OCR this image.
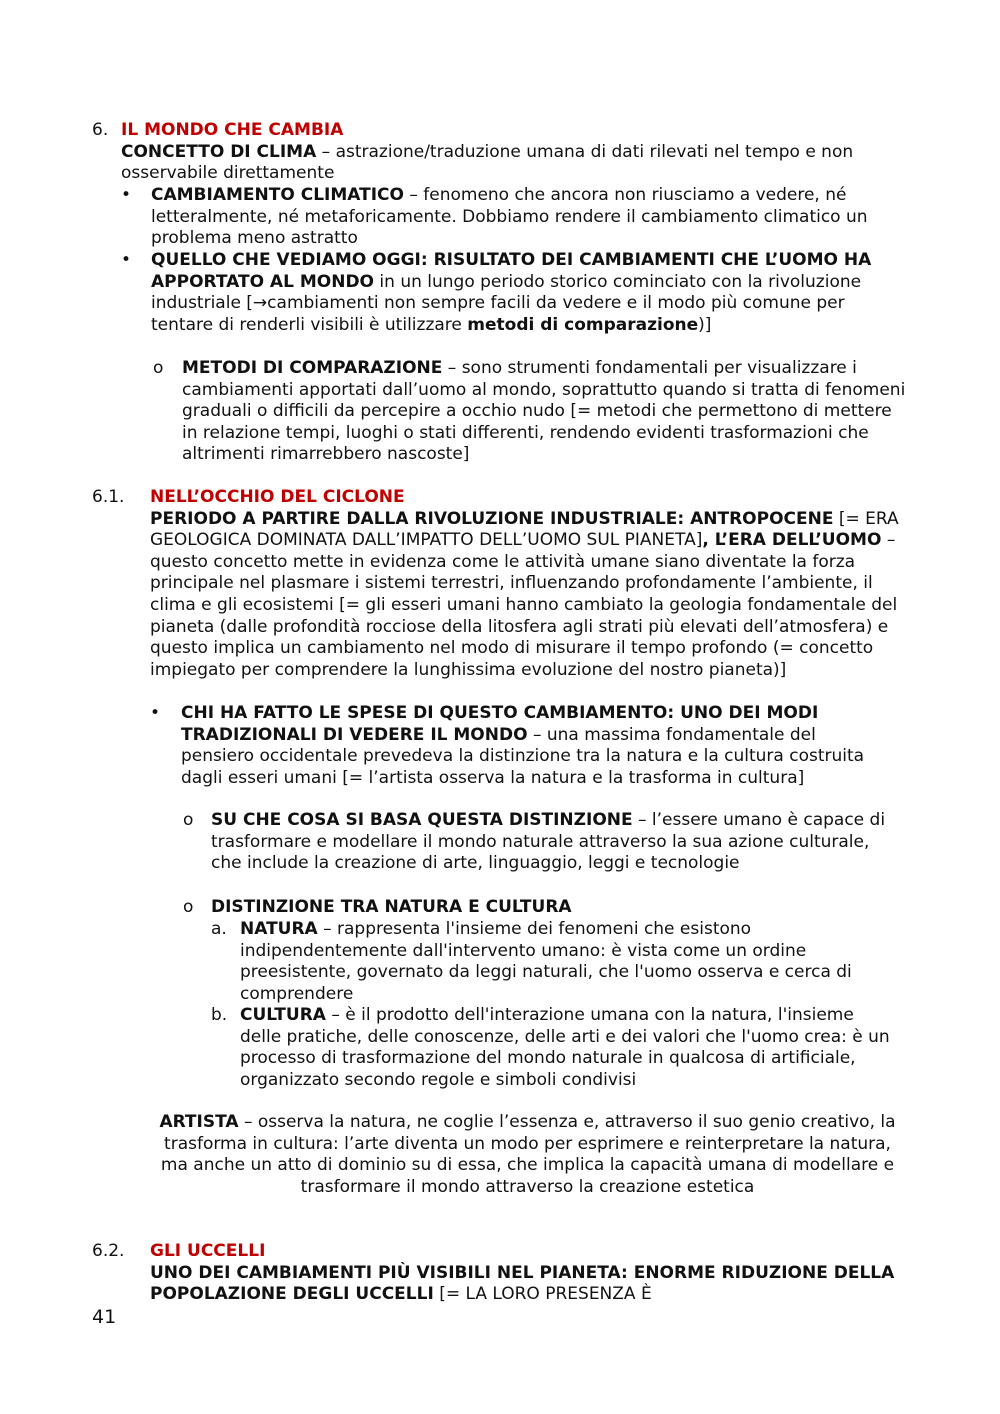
6. IL MONDO CHE CAMBIA

CONCETTO DI CLIMA – astrazione/traduzione umana di dati rilevati nel tempo e non osservabile direttamente

• CAMBIAMENTO CLIMATICO – fenomeno che ancora non riusciamo a vedere, né letteralmente, né metaforicamente. Dobbiamo rendere il cambiamento climatico un problema meno astratto

• QUELLO CHE VEDIAMO OGGI: RISULTATO DEI CAMBIAMENTI CHE L’UOMO HA APPORTATO AL MONDO in un lungo periodo storico cominciato con la rivoluzione industriale [→cambiamenti non sempre facili da vedere e il modo più comune per tentare di renderli visibili è utilizzare metodi di comparazione)]

o METODI DI COMPARAZIONE – sono strumenti fondamentali per visualizzare i cambiamenti apportati dall’uomo al mondo, soprattutto quando si tratta di fenomeni graduali o difficili da percepire a occhio nudo [= metodi che permettono di mettere in relazione tempi, luoghi o stati differenti, rendendo evidenti trasformazioni che altrimenti rimarrebbero nascoste]

6.1. NELL’OCCHIO DEL CICLONE

PERIODO A PARTIRE DALLA RIVOLUZIONE INDUSTRIALE: ANTROPOCENE [= ERA GEOLOGICA DOMINATA DALL’IMPATTO DELL’UOMO SUL PIANETA], L’ERA DELL’UOMO – questo concetto mette in evidenza come le attività umane siano diventate la forza principale nel plasmare i sistemi terrestri, influenzando profondamente l’ambiente, il clima e gli ecosistemi [= gli esseri umani hanno cambiato la geologia fondamentale del pianeta (dalle profondità rocciose della litosfera agli strati più elevati dell’atmosfera) e questo implica un cambiamento nel modo di misurare il tempo profondo (= concetto impiegato per comprendere la lunghissima evoluzione del nostro pianeta)]

• CHI HA FATTO LE SPESE DI QUESTO CAMBIAMENTO: UNO DEI MODI TRADIZIONALI DI VEDERE IL MONDO – una massima fondamentale del pensiero occidentale prevedeva la distinzione tra la natura e la cultura costruita dagli esseri umani [= l’artista osserva la natura e la trasforma in cultura]

o SU CHE COSA SI BASA QUESTA DISTINZIONE – l’essere umano è capace di trasformare e modellare il mondo naturale attraverso la sua azione culturale, che include la creazione di arte, linguaggio, leggi e tecnologie

o DISTINZIONE TRA NATURA E CULTURA

a. NATURA – rappresenta l'insieme dei fenomeni che esistono indipendentemente dall'intervento umano: è vista come un ordine preesistente, governato da leggi naturali, che l'uomo osserva e cerca di comprendere

b. CULTURA – è il prodotto dell'interazione umana con la natura, l'insieme delle pratiche, delle conoscenze, delle arti e dei valori che l'uomo crea: è un processo di trasformazione del mondo naturale in qualcosa di artificiale, organizzato secondo regole e simboli condivisi

ARTISTA – osserva la natura, ne coglie l’essenza e, attraverso il suo genio creativo, la trasforma in cultura: l’arte diventa un modo per esprimere e reinterpretare la natura, ma anche un atto di dominio su di essa, che implica la capacità umana di modellare e trasformare il mondo attraverso la creazione estetica

6.2. GLI UCCELLI

UNO DEI CAMBIAMENTI PIÙ VISIBILI NEL PIANETA: ENORME RIDUZIONE DELLA POPOLAZIONE DEGLI UCCELLI [= LA LORO PRESENZA È

41
